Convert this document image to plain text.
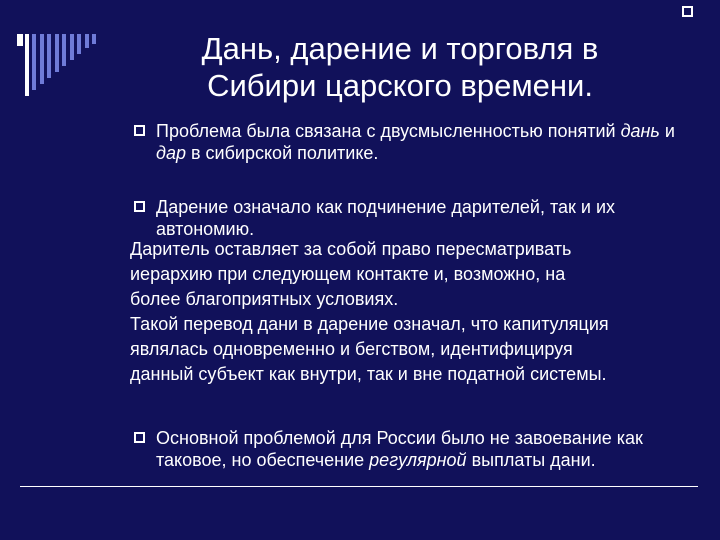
Дань, дарение и торговля в
Сибири царского времени.
Проблема была связана с двусмысленностью понятий дань и дар в сибирской политике.
Дарение означало как подчинение дарителей, так и их автономию.
Даритель оставляет за собой право пересматривать
иерархию при следующем контакте и, возможно, на
более благоприятных условиях.
Такой перевод дани в дарение означал, что капитуляция
являлась одновременно и бегством, идентифицируя
данный субъект как внутри, так и вне податной системы.
Основной проблемой для России было не завоевание как таковое, но обеспечение регулярной выплаты дани.
